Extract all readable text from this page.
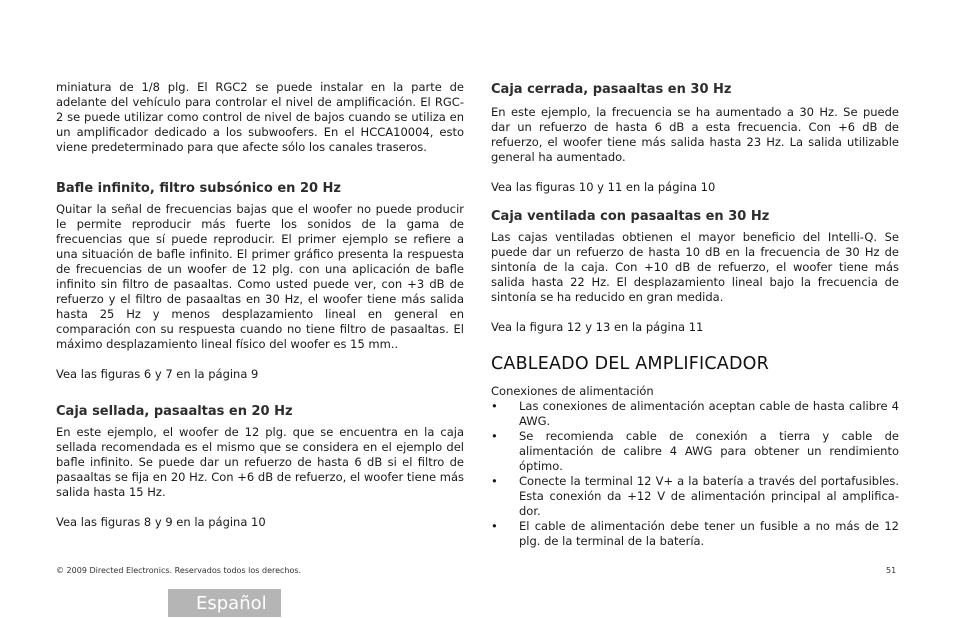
miniatura de 1/8 plg. El RGC2 se puede instalar en la parte de adelante del vehículo para controlar el nivel de amplificación. El RGC-2 se puede utilizar como control de nivel de bajos cuando se utiliza en un amplificador dedicado a los subwoofers. En el HCCA10004, esto viene predeterminado para que afecte sólo los canales traseros.

Bafle infinito, filtro subsónico en 20 Hz

Quitar la señal de frecuencias bajas que el woofer no puede producir le permite reproducir más fuerte los sonidos de la gama de frecuencias que sí puede reproducir. El primer ejemplo se refiere a una situación de bafle infinito. El primer gráfico presenta la respuesta de frecuencias de un woofer de 12 plg. con una aplicación de bafle infinito sin filtro de pasaaltas. Como usted puede ver, con +3 dB de refuerzo y el filtro de pasaaltas en 30 Hz, el woofer tiene más salida hasta 25 Hz y menos desplazamiento lineal en general en comparación con su respuesta cuando no tiene filtro de pasaaltas. El máximo desplazamiento lineal físico del woofer es 15 mm..

Vea las figuras 6 y 7 en la página 9

Caja sellada, pasaaltas en 20 Hz

En este ejemplo, el woofer de 12 plg. que se encuentra en la caja sellada recomendada es el mismo que se considera en el ejemplo del bafle infinito. Se puede dar un refuerzo de hasta 6 dB si el filtro de pasaaltas se fija en 20 Hz. Con +6 dB de refuerzo, el woofer tiene más salida hasta 15 Hz.

Vea las figuras 8 y 9 en la página 10

Caja cerrada, pasaaltas en 30 Hz

En este ejemplo, la frecuencia se ha aumentado a 30 Hz. Se puede dar un refuerzo de hasta 6 dB a esta frecuencia. Con +6 dB de refuerzo, el woofer tiene más salida hasta 23 Hz. La salida utilizable general ha aumentado.

Vea las figuras 10 y 11 en la página 10

Caja ventilada con pasaaltas en 30 Hz

Las cajas ventiladas obtienen el mayor beneficio del Intelli-Q. Se puede dar un refuerzo de hasta 10 dB en la frecuencia de 30 Hz de sintonía de la caja. Con +10 dB de refuerzo, el woofer tiene más salida hasta 22 Hz. El desplazamiento lineal bajo la frecuencia de sintonía se ha reducido en gran medida.

Vea la figura 12 y 13 en la página 11

CABLEADO DEL AMPLIFICADOR

Conexiones de alimentación

• Las conexiones de alimentación aceptan cable de hasta calibre 4 AWG.
• Se recomienda cable de conexión a tierra y cable de alimentación de calibre 4 AWG para obtener un rendimiento óptimo.
• Conecte la terminal 12 V+ a la batería a través del portafusibles. Esta conexión da +12 V de alimentación principal al amplifica-dor.
• El cable de alimentación debe tener un fusible a no más de 12 plg. de la terminal de la batería.
© 2009 Directed Electronics. Reservados todos los derechos.	51
Español
